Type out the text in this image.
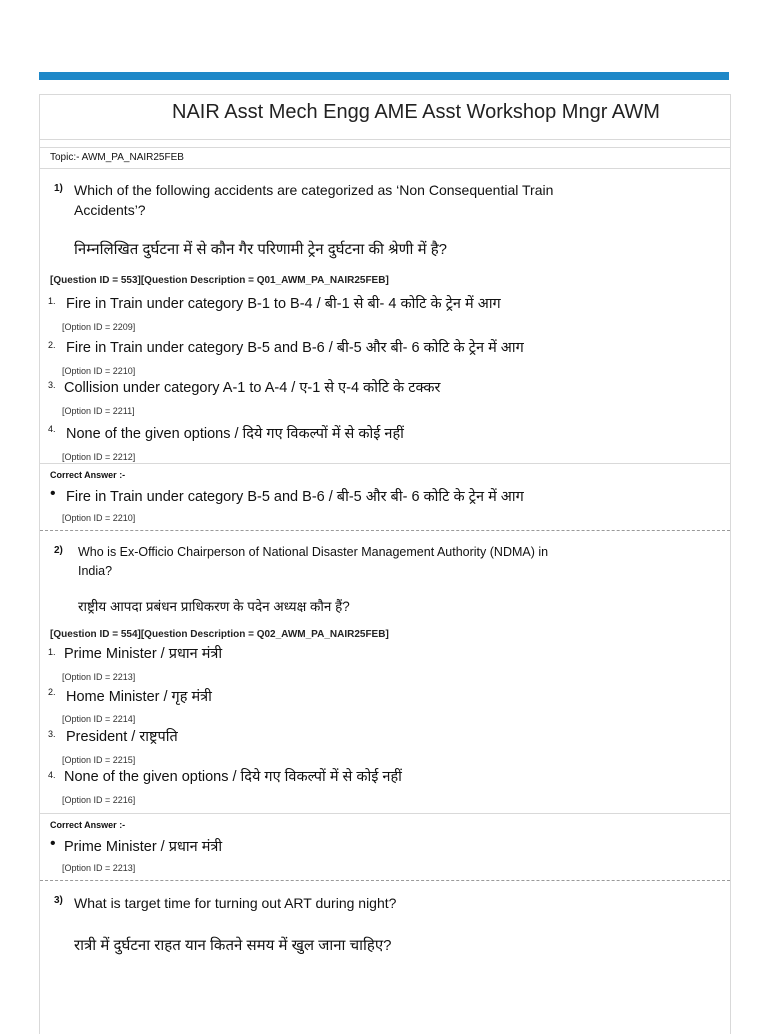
NAIR Asst Mech Engg AME Asst Workshop Mngr AWM
Topic:- AWM_PA_NAIR25FEB
1) Which of the following accidents are categorized as ‘Non Consequential Train
Accidents’?
निम्नलिखित दुर्घटना में से कौन गैर परिणामी ट्रेन दुर्घटना की श्रेणी में है?
[Question ID = 553][Question Description = Q01_AWM_PA_NAIR25FEB]
1. Fire in Train under category B-1 to B-4 / बी-1 से बी- 4 कोटि के ट्रेन में आग
[Option ID = 2209]
2. Fire in Train under category B-5 and B-6 / बी-5 और बी- 6 कोटि के ट्रेन में आग
[Option ID = 2210]
3. Collision under category A-1 to A-4 / ए-1 से ए-4 कोटि के टक्कर
[Option ID = 2211]
4. None of the given options / दिये गए विकल्पों में से कोई नहीं
[Option ID = 2212]
Correct Answer :-
• Fire in Train under category B-5 and B-6 / बी-5 और बी- 6 कोटि के ट्रेन में आग
[Option ID = 2210]
2) Who is Ex-Officio Chairperson of National Disaster Management Authority (NDMA) in
India?
राष्ट्रीय आपदा प्रबंधन प्राधिकरण के पदेन अध्यक्ष कौन हैं?
[Question ID = 554][Question Description = Q02_AWM_PA_NAIR25FEB]
1. Prime Minister / प्रधान मंत्री
[Option ID = 2213]
2. Home Minister / गृह मंत्री
[Option ID = 2214]
3. President / राष्ट्रपति
[Option ID = 2215]
4. None of the given options / दिये गए विकल्पों में से कोई नहीं
[Option ID = 2216]
Correct Answer :-
• Prime Minister / प्रधान मंत्री
[Option ID = 2213]
3) What is target time for turning out ART during night?
रात्री में दुर्घटना राहत यान कितने समय में खुल जाना चाहिए?
